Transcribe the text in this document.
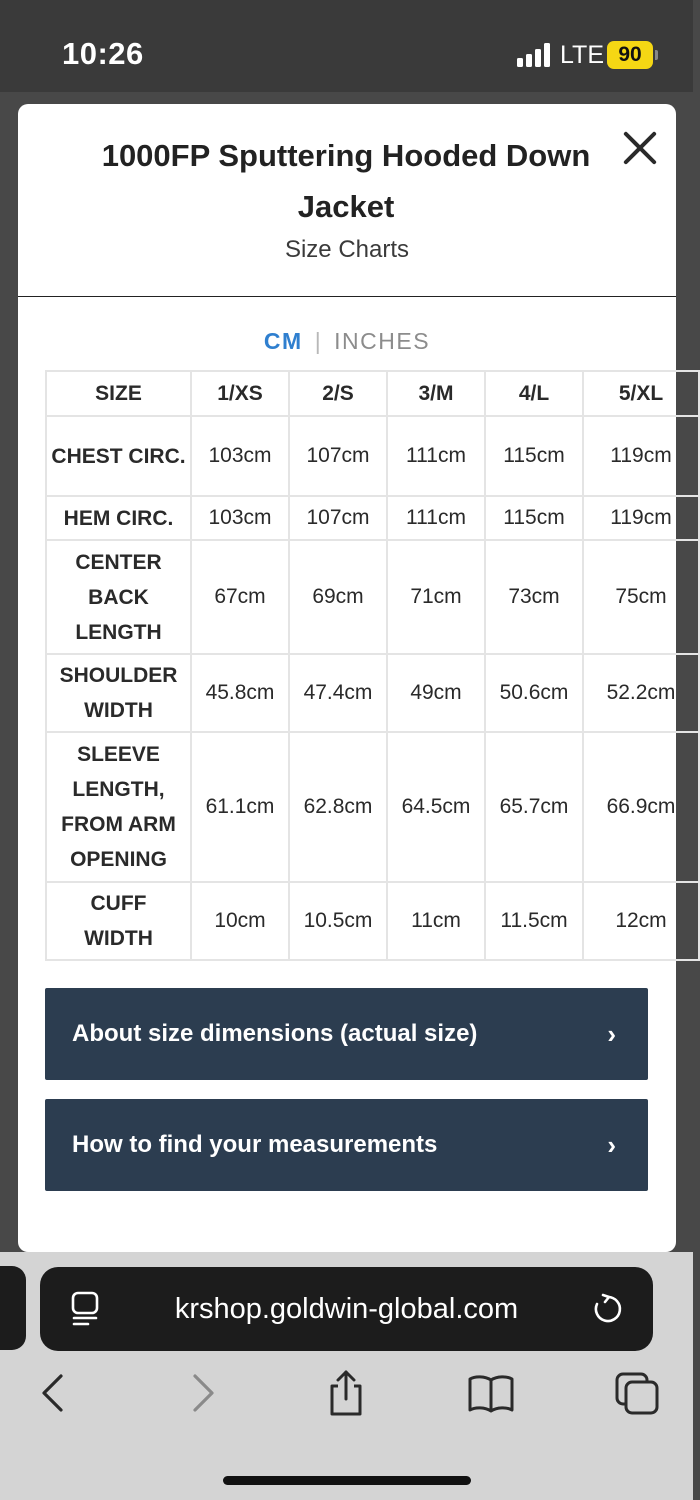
10:26	LTE 90
1000FP Sputtering Hooded Down Jacket
Size Charts
CM | INCHES
SIZE	1/XS	2/S	3/M	4/L	5/XL
CHEST CIRC.	103cm	107cm	111cm	115cm	119cm
HEM CIRC.	103cm	107cm	111cm	115cm	119cm
CENTER BACK LENGTH	67cm	69cm	71cm	73cm	75cm
SHOULDER WIDTH	45.8cm	47.4cm	49cm	50.6cm	52.2cm
SLEEVE LENGTH, FROM ARM OPENING	61.1cm	62.8cm	64.5cm	65.7cm	66.9cm
CUFF WIDTH	10cm	10.5cm	11cm	11.5cm	12cm
About size dimensions (actual size)	›
How to find your measurements	›
krshop.goldwin-global.com
